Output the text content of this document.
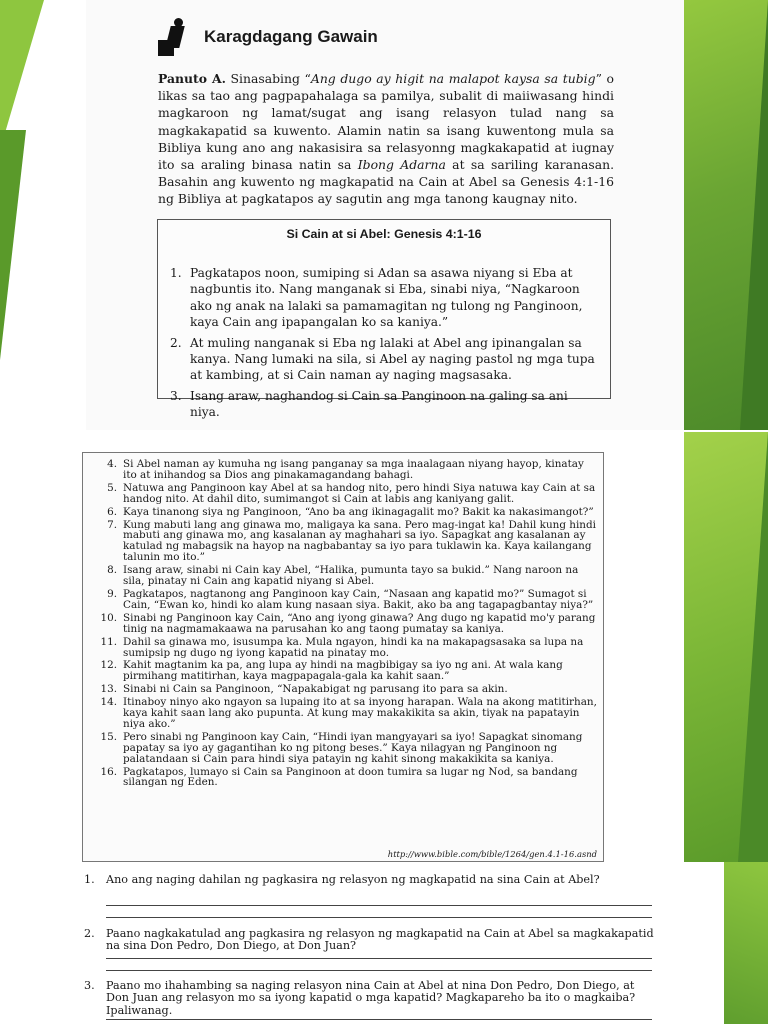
Karagdagang Gawain
Panuto A. Sinasabing “Ang dugo ay higit na malapot kaysa sa tubig” o likas sa tao ang pagpapahalaga sa pamilya, subalit di maiiwasang hindi magkaroon ng lamat/sugat ang isang relasyon tulad nang sa magkakapatid sa kuwento. Alamin natin sa isang kuwentong mula sa Bibliya kung ano ang nakasisira sa relasyonng magkakapatid at iugnay ito sa araling binasa natin sa Ibong Adarna at sa sariling karanasan. Basahin ang kuwento ng magkapatid na Cain at Abel sa Genesis 4:1-16 ng Bibliya at pagkatapos ay sagutin ang mga tanong kaugnay nito.
Si Cain at si Abel: Genesis 4:1-16
1. Pagkatapos noon, sumiping si Adan sa asawa niyang si Eba at nagbuntis ito. Nang manganak si Eba, sinabi niya, “Nagkaroon ako ng anak na lalaki sa pamamagitan ng tulong ng Panginoon, kaya Cain ang ipapangalan ko sa kaniya.”
2. At muling nanganak si Eba ng lalaki at Abel ang ipinangalan sa kanya. Nang lumaki na sila, si Abel ay naging pastol ng mga tupa at kambing, at si Cain naman ay naging magsasaka.
3. Isang araw, naghandog si Cain sa Panginoon na galing sa ani niya.
4. Si Abel naman ay kumuha ng isang panganay sa mga inaalagaan niyang hayop, kinatay ito at inihandog sa Dios ang pinakamagandang bahagi.
5. Natuwa ang Panginoon kay Abel at sa handog nito, pero hindi Siya natuwa kay Cain at sa handog nito. At dahil dito, sumimangot si Cain at labis ang kaniyang galit.
6. Kaya tinanong siya ng Panginoon, “Ano ba ang ikinagagalit mo? Bakit ka nakasimangot?”
7. Kung mabuti lang ang ginawa mo, maligaya ka sana. Pero mag-ingat ka! Dahil kung hindi mabuti ang ginawa mo, ang kasalanan ay maghahari sa iyo. Sapagkat ang kasalanan ay katulad ng mabagsik na hayop na nagbabantay sa iyo para tuklawin ka. Kaya kailangang talunin mo ito.”
8. Isang araw, sinabi ni Cain kay Abel, “Halika, pumunta tayo sa bukid.” Nang naroon na sila, pinatay ni Cain ang kapatid niyang si Abel.
9. Pagkatapos, nagtanong ang Panginoon kay Cain, “Nasaan ang kapatid mo?” Sumagot si Cain, “Ewan ko, hindi ko alam kung nasaan siya. Bakit, ako ba ang tagapagbantay niya?”
10. Sinabi ng Panginoon kay Cain, “Ano ang iyong ginawa? Ang dugo ng kapatid mo'y parang tinig na nagmamakaawa na parusahan ko ang taong pumatay sa kaniya.
11. Dahil sa ginawa mo, isusumpa ka. Mula ngayon, hindi ka na makapagsasaka sa lupa na sumipsip ng dugo ng iyong kapatid na pinatay mo.
12. Kahit magtanim ka pa, ang lupa ay hindi na magbibigay sa iyo ng ani. At wala kang pirmihang matitirhan, kaya magpapagala-gala ka kahit saan.”
13. Sinabi ni Cain sa Panginoon, “Napakabigat ng parusang ito para sa akin.
14. Itinaboy ninyo ako ngayon sa lupaing ito at sa inyong harapan. Wala na akong matitirhan, kaya kahit saan lang ako pupunta. At kung may makakikita sa akin, tiyak na papatayin niya ako.”
15. Pero sinabi ng Panginoon kay Cain, “Hindi iyan mangyayari sa iyo! Sapagkat sinomang papatay sa iyo ay gagantihan ko ng pitong beses.” Kaya nilagyan ng Panginoon ng palatandaan si Cain para hindi siya patayin ng kahit sinong makakikita sa kaniya.
16. Pagkatapos, lumayo si Cain sa Panginoon at doon tumira sa lugar ng Nod, sa bandang silangan ng Eden.
http://www.bible.com/bible/1264/gen.4.1-16.asnd
1.	Ano ang naging dahilan ng pagkasira ng relasyon ng magkapatid na sina Cain at Abel?
2.	Paano nagkakatulad ang pagkasira ng relasyon ng magkapatid na Cain at Abel sa magkakapatid na sina Don Pedro, Don Diego, at Don Juan?
3.	Paano mo ihahambing sa naging relasyon nina Cain at Abel at nina Don Pedro, Don Diego, at Don Juan ang relasyon mo sa iyong kapatid o mga kapatid? Magkapareho ba ito o magkaiba? Ipaliwanag.
